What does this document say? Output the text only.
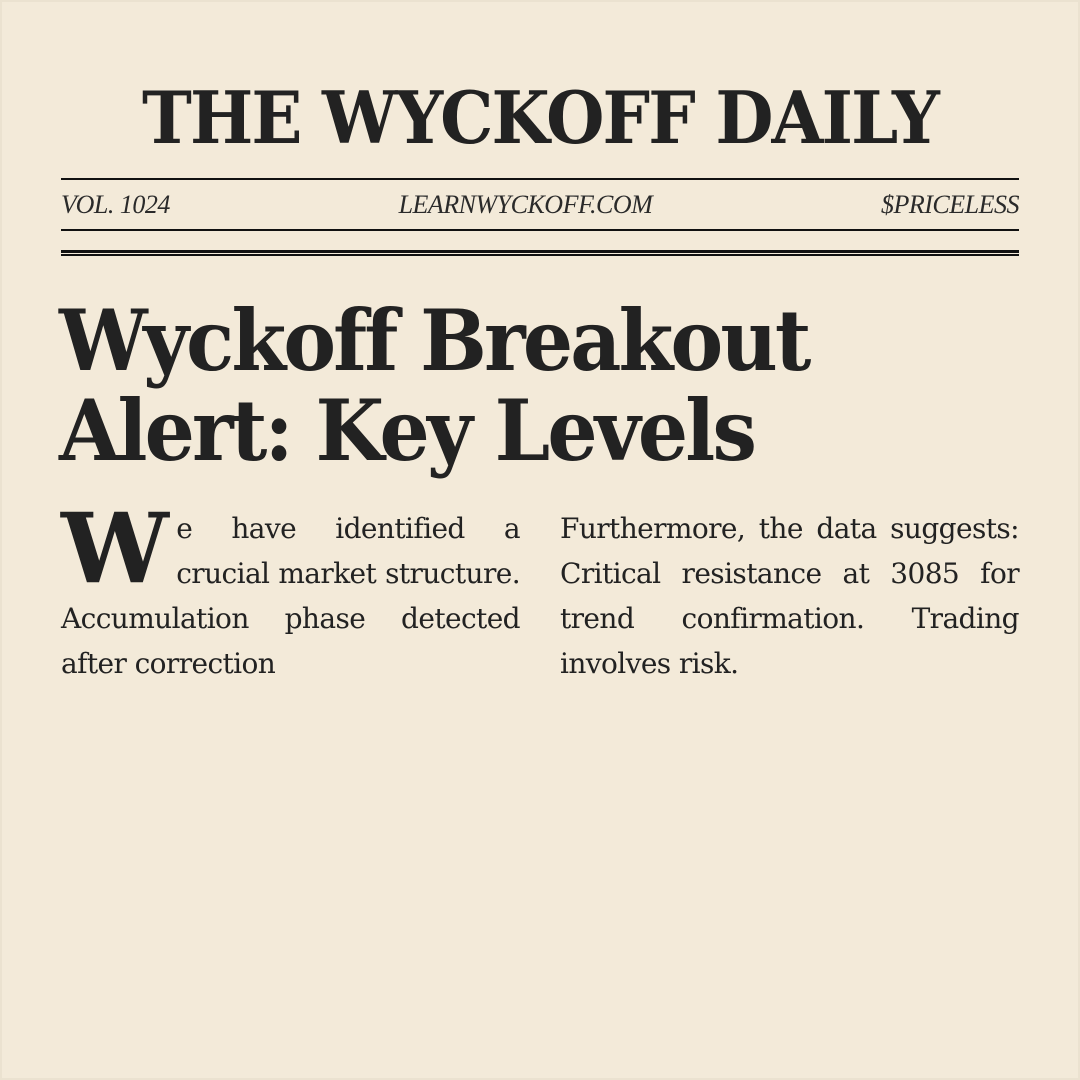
THE WYCKOFF DAILY
VOL. 1024	LEARNWYCKOFF.COM	$PRICELESS
Wyckoff Breakout Alert: Key Levels

We have identified a crucial market structure. Accumulation phase detected after correction

Furthermore, the data suggests: Critical resistance at 3085 for trend confirmation. Trading involves risk.
